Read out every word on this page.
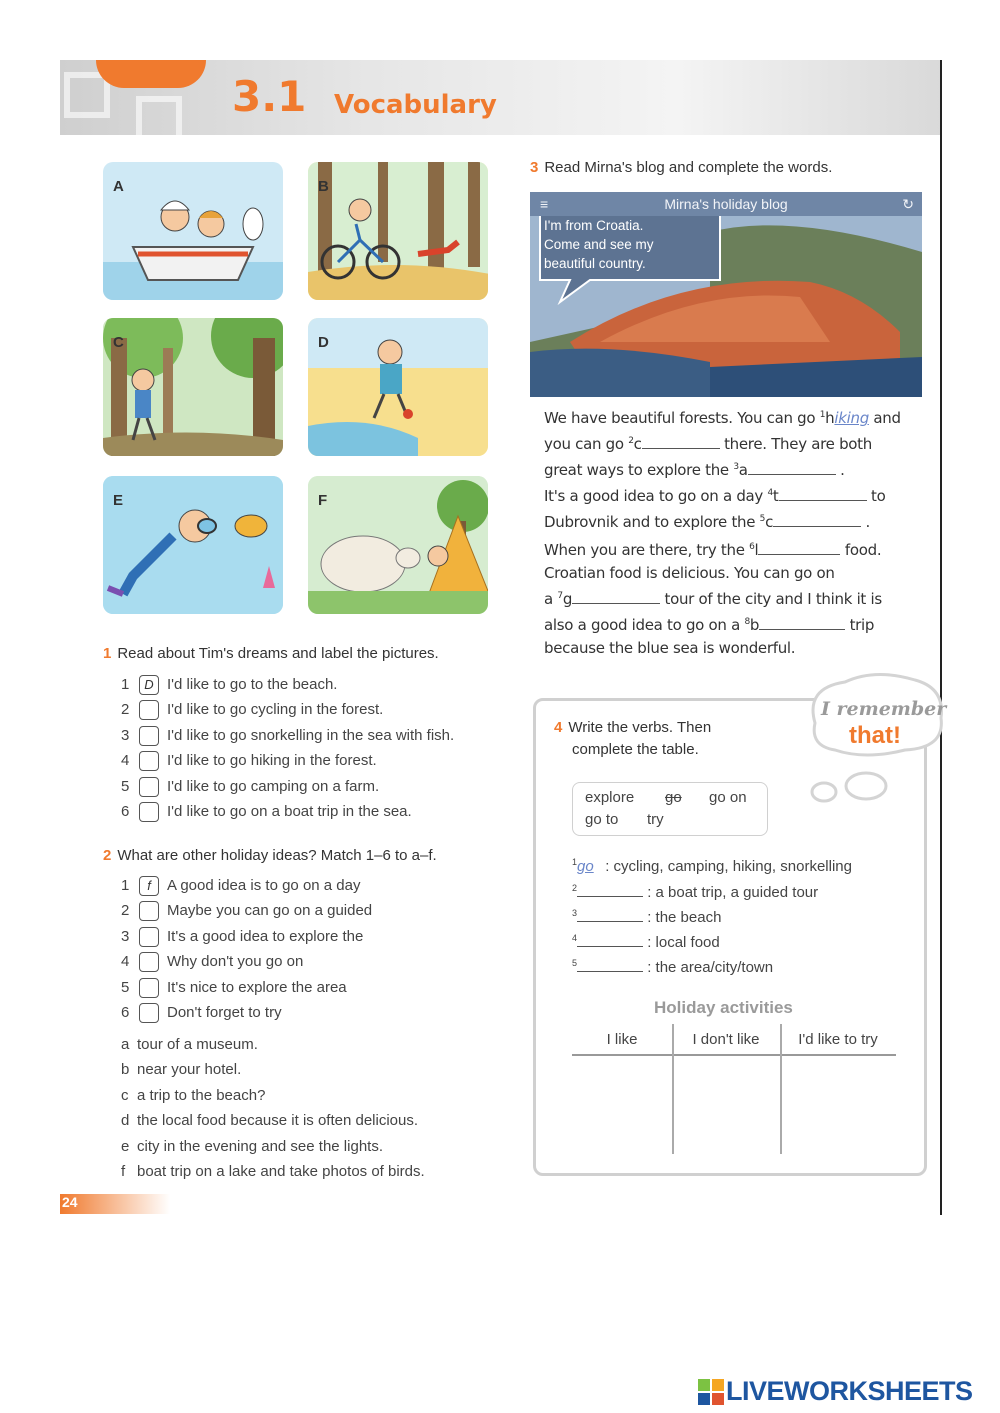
3.1 Vocabulary
A	B
C	D
E	F
1 Read about Tim's dreams and label the pictures.
1 D I'd like to go to the beach.
2	I'd like to go cycling in the forest.
3	I'd like to go snorkelling in the sea with fish.
4	I'd like to go hiking in the forest.
5	I'd like to go camping on a farm.
6	I'd like to go on a boat trip in the sea.
2 What are other holiday ideas? Match 1–6 to a–f.
1 f A good idea is to go on a day
2	Maybe you can go on a guided
3	It's a good idea to explore the
4	Why don't you go on
5	It's nice to explore the area
6	Don't forget to try
a tour of a museum.
b near your hotel.
c a trip to the beach?
d the local food because it is often delicious.
e city in the evening and see the lights.
f boat trip on a lake and take photos of birds.
3 Read Mirna's blog and complete the words.
≡	Mirna's holiday blog	↻
I'm from Croatia.
Come and see my
beautiful country.
We have beautiful forests. You can go $^1$hiking and
you can go $^2$c	there. They are both
great ways to explore the $^3$a	.
It's a good idea to go on a day $^4$t	to
Dubrovnik and to explore the $^5$c	.
When you are there, try the $^6$l	food.
Croatian food is delicious. You can go on
a $^7$g	tour of the city and I think it is
also a good idea to go on a $^8$b	trip
because the blue sea is wonderful.
I remember
that!
4 Write the verbs. Then
complete the table.
explore go go on
go to try
$^1$go : cycling, camping, hiking, snorkelling
$^2$	: a boat trip, a guided tour
$^3$	: the beach
$^4$	: local food
$^5$	: the area/city/town
Holiday activities
I like	I don't like	I'd like to try
24
LIVEWORKSHEETS
